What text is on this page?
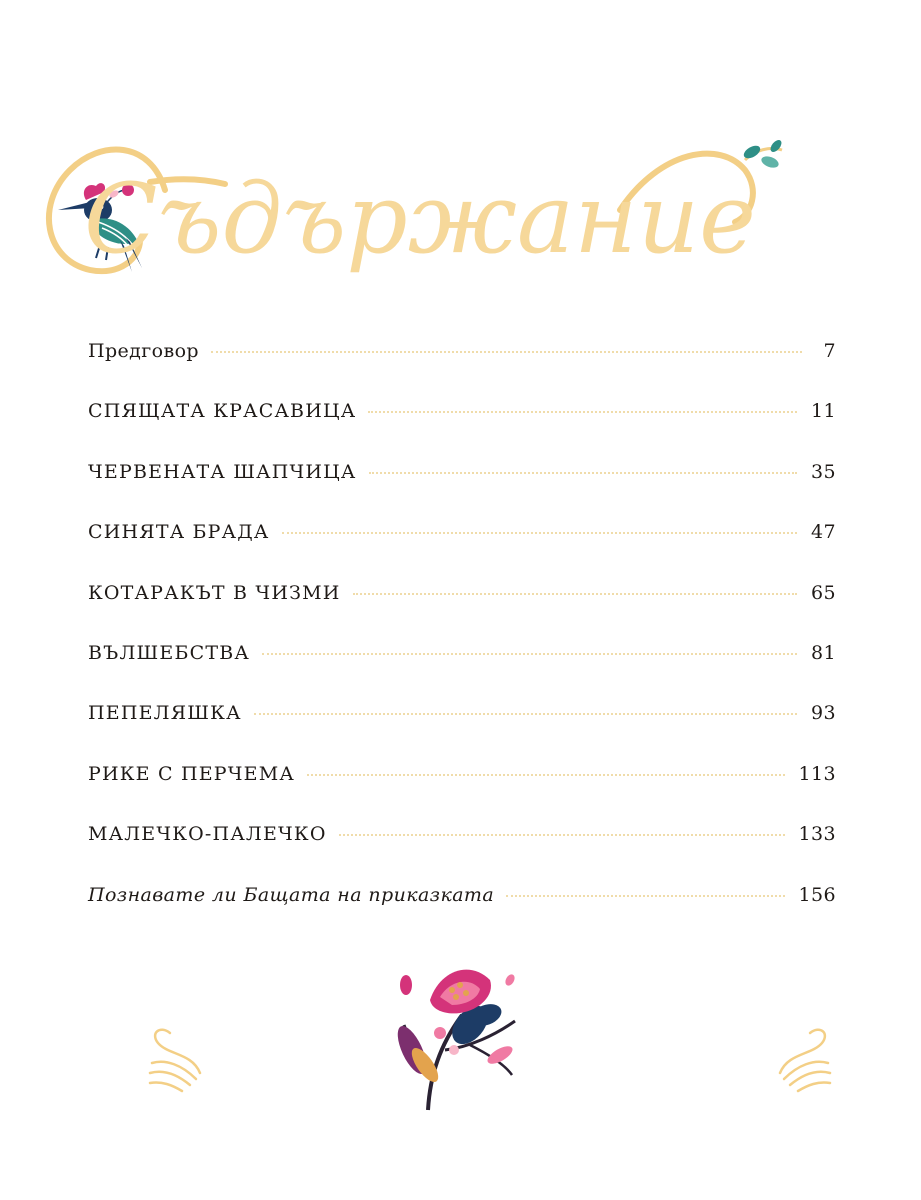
Съдържание
Предговор	7
СПЯЩАТА КРАСАВИЦА	11
ЧЕРВЕНАТА ШАПЧИЦА	35
СИНЯТА БРАДА	47
КОТАРАКЪТ В ЧИЗМИ	65
ВЪЛШЕБСТВА	81
ПЕПЕЛЯШКА	93
РИКЕ С ПЕРЧЕМА	113
МАЛЕЧКО-ПАЛЕЧКО	133
Познавате ли Бащата на приказката	156
